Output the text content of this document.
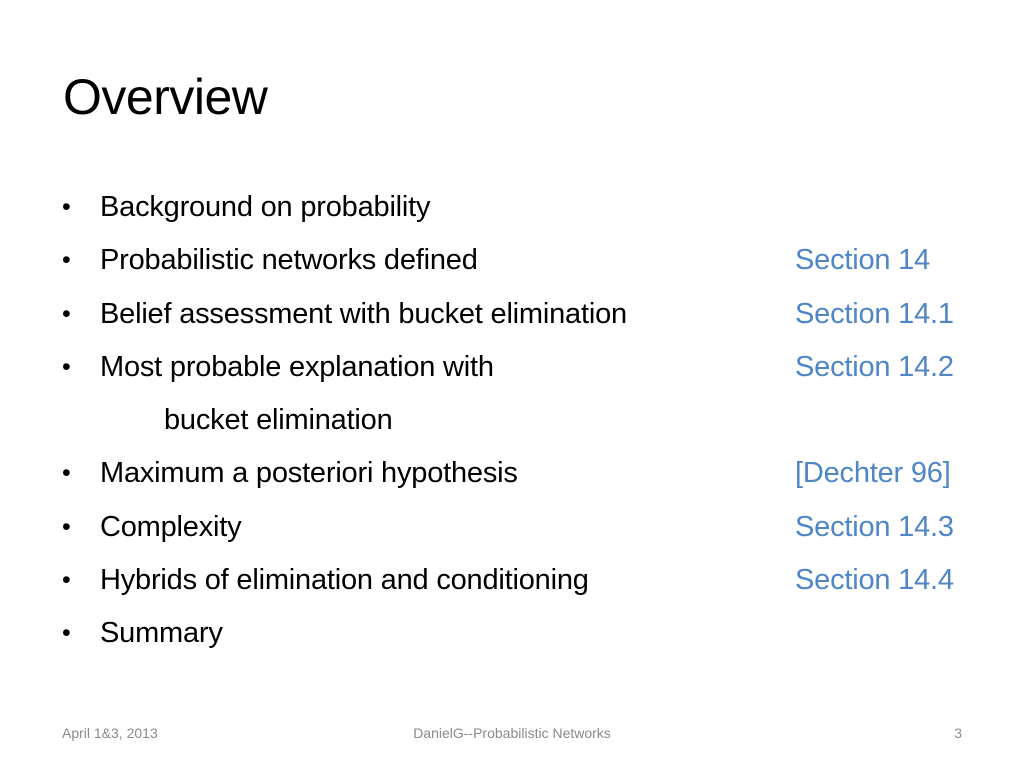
Overview
• Background on probability
• Probabilistic networks defined	Section 14
• Belief assessment with bucket elimination	Section 14.1
• Most probable explanation with	Section 14.2
bucket elimination
• Maximum a posteriori hypothesis	[Dechter 96]
• Complexity	Section 14.3
• Hybrids of elimination and conditioning	Section 14.4
• Summary
April 1&3, 2013	DanielG--Probabilistic Networks	3
